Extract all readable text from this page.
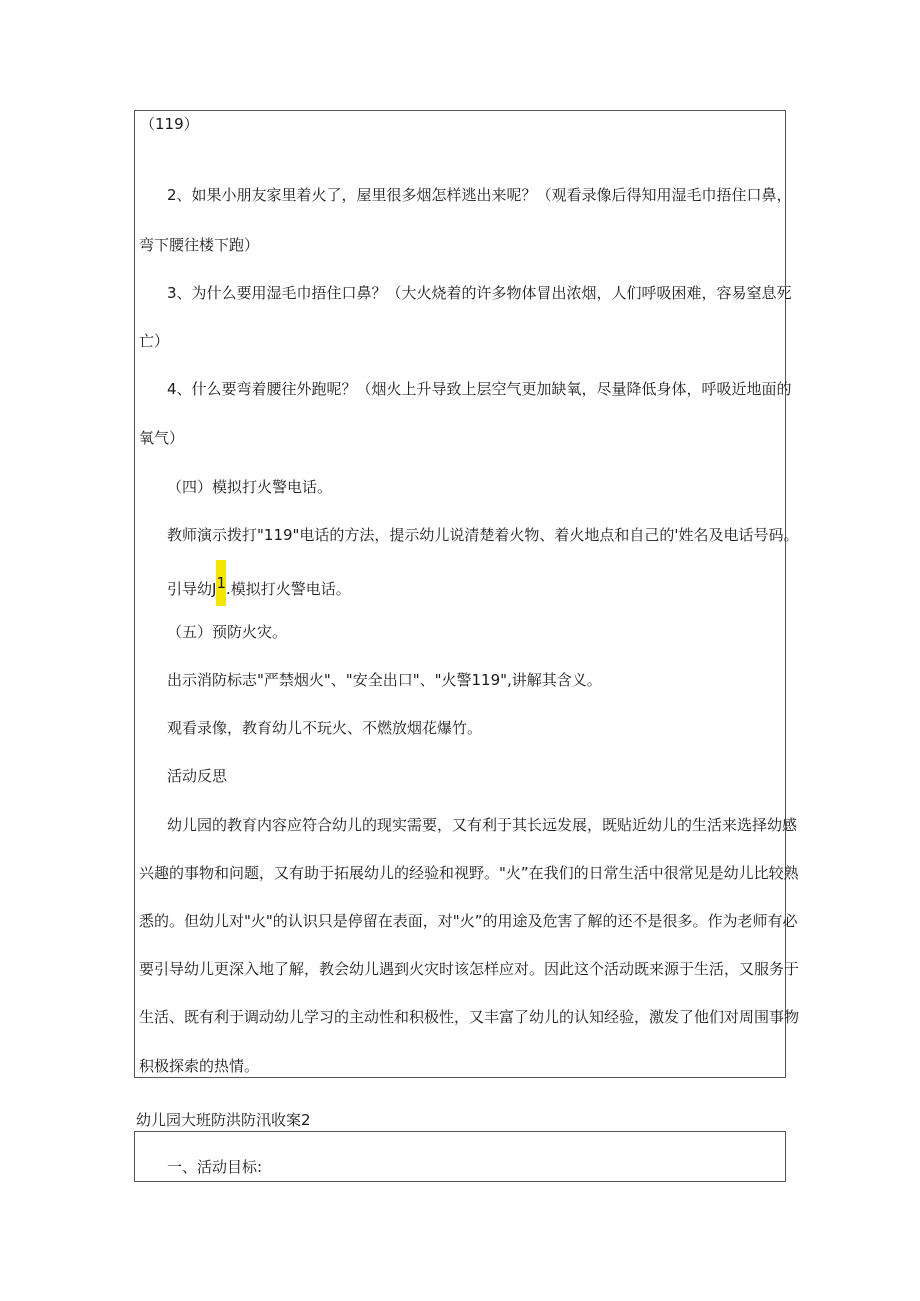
（119）

2、如果小朋友家里着火了，屋里很多烟怎样逃出来呢？（观看录像后得知用湿毛巾捂住口鼻，

弯下腰往楼下跑）

3、为什么要用湿毛巾捂住口鼻？（大火烧着的许多物体冒出浓烟，人们呼吸困难，容易窒息死

亡）

4、什么要弯着腰往外跑呢？（烟火上升导致上层空气更加缺氧，尽量降低身体，呼吸近地面的

氧气）

（四）模拟打火警电话。

教师演示拨打"119"电话的方法，提示幼儿说清楚着火物、着火地点和自己的'姓名及电话号码。

引导幼J1.模拟打火警电话。

（五）预防火灾。

出示消防标志"严禁烟火"、"安全出口"、"火警119",讲解其含义。

观看录像，教育幼儿不玩火、不燃放烟花爆竹。

活动反思

幼儿园的教育内容应符合幼儿的现实需要，又有利于其长远发展，既贴近幼儿的生活来选择幼感

兴趣的事物和问题，又有助于拓展幼儿的经验和视野。"火”在我们的日常生活中很常见是幼儿比较熟

悉的。但幼儿对"火"的认识只是停留在表面，对"火”的用途及危害了解的还不是很多。作为老师有必

要引导幼儿更深入地了解，教会幼儿遇到火灾时该怎样应对。因此这个活动既来源于生活，又服务于

生活、既有利于调动幼儿学习的主动性和积极性，又丰富了幼儿的认知经验，激发了他们对周围事物

积极探索的热情。

幼儿园大班防洪防汛收案2

一、活动目标:
